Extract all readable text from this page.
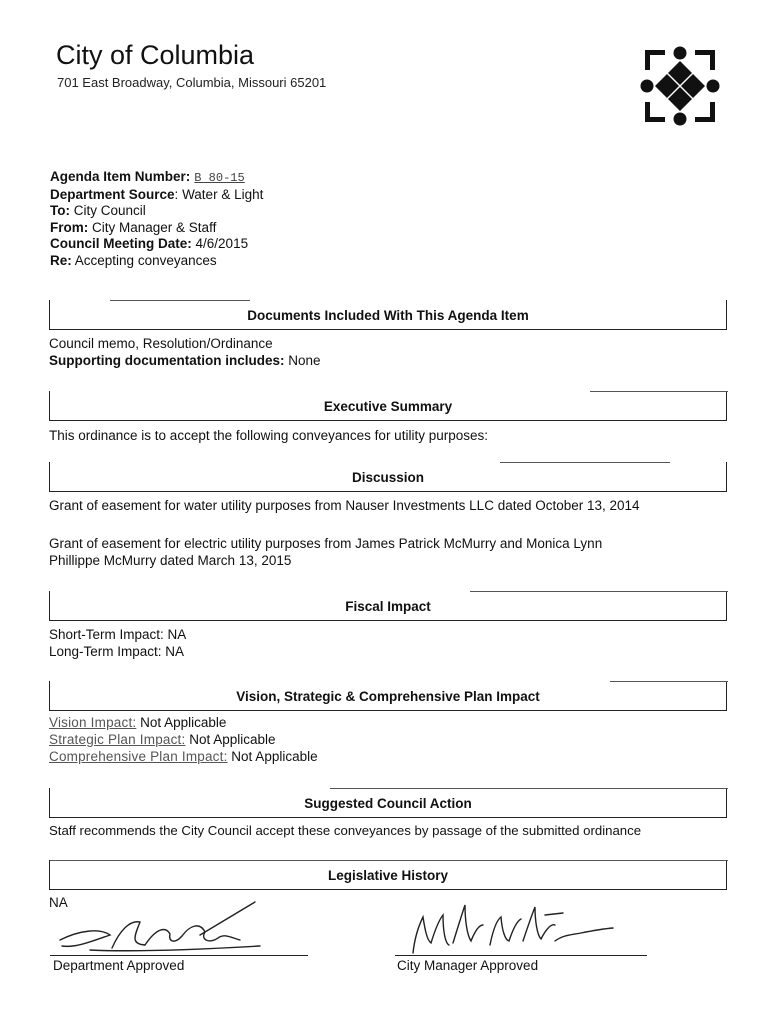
City of Columbia
701 East Broadway, Columbia, Missouri 65201
Agenda Item Number: B 80-15
Department Source: Water & Light
To: City Council
From: City Manager & Staff
Council Meeting Date: 4/6/2015
Re: Accepting conveyances
Documents Included With This Agenda Item
Council memo, Resolution/Ordinance
Supporting documentation includes: None
Executive Summary
This ordinance is to accept the following conveyances for utility purposes:
Discussion
Grant of easement for water utility purposes from Nauser Investments LLC dated October 13, 2014
Grant of easement for electric utility purposes from James Patrick McMurry and Monica Lynn
Phillippe McMurry dated March 13, 2015
Fiscal Impact
Short-Term Impact: NA
Long-Term Impact: NA
Vision, Strategic & Comprehensive Plan Impact
Vision Impact: Not Applicable
Strategic Plan Impact: Not Applicable
Comprehensive Plan Impact: Not Applicable
Suggested Council Action
Staff recommends the City Council accept these conveyances by passage of the submitted ordinance
Legislative History
NA
Department Approved	City Manager Approved
